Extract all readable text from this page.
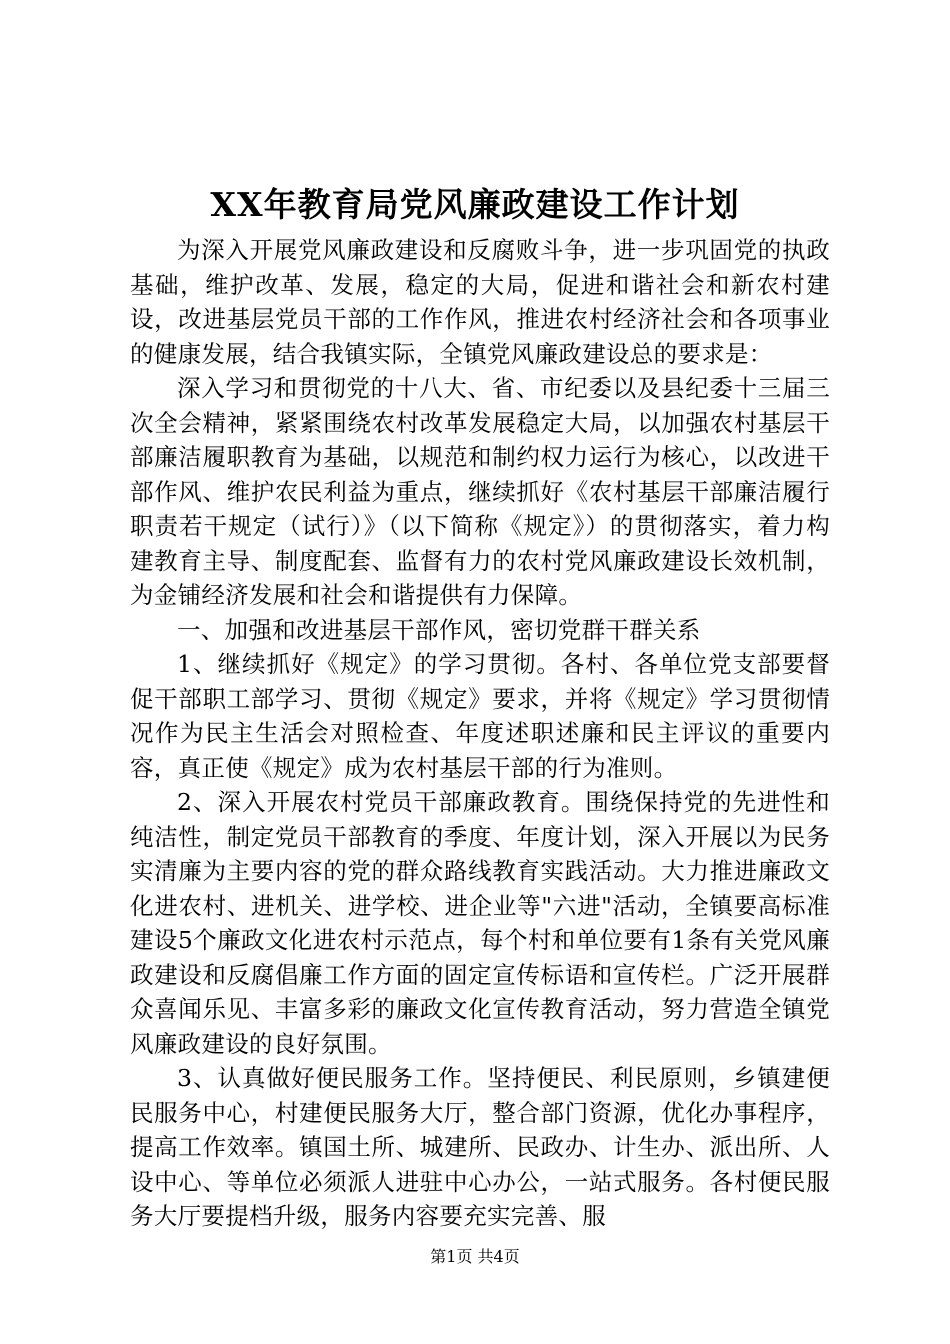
XX年教育局党风廉政建设工作计划

为深入开展党风廉政建设和反腐败斗争，进一步巩固党的执政基础，维护改革、发展，稳定的大局，促进和谐社会和新农村建设，改进基层党员干部的工作作风，推进农村经济社会和各项事业的健康发展，结合我镇实际，全镇党风廉政建设总的要求是：

深入学习和贯彻党的十八大、省、市纪委以及县纪委十三届三次全会精神，紧紧围绕农村改革发展稳定大局，以加强农村基层干部廉洁履职教育为基础，以规范和制约权力运行为核心，以改进干部作风、维护农民利益为重点，继续抓好《农村基层干部廉洁履行职责若干规定（试行）》（以下简称《规定》）的贯彻落实，着力构建教育主导、制度配套、监督有力的农村党风廉政建设长效机制，为金铺经济发展和社会和谐提供有力保障。

一、加强和改进基层干部作风，密切党群干群关系

1、继续抓好《规定》的学习贯彻。各村、各单位党支部要督促干部职工部学习、贯彻《规定》要求，并将《规定》学习贯彻情况作为民主生活会对照检查、年度述职述廉和民主评议的重要内容，真正使《规定》成为农村基层干部的行为准则。

2、深入开展农村党员干部廉政教育。围绕保持党的先进性和纯洁性，制定党员干部教育的季度、年度计划，深入开展以为民务实清廉为主要内容的党的群众路线教育实践活动。大力推进廉政文化进农村、进机关、进学校、进企业等"六进"活动，全镇要高标准建设5个廉政文化进农村示范点，每个村和单位要有1条有关党风廉政建设和反腐倡廉工作方面的固定宣传标语和宣传栏。广泛开展群众喜闻乐见、丰富多彩的廉政文化宣传教育活动，努力营造全镇党风廉政建设的良好氛围。

3、认真做好便民服务工作。坚持便民、利民原则，乡镇建便民服务中心，村建便民服务大厅，整合部门资源，优化办事程序，提高工作效率。镇国土所、城建所、民政办、计生办、派出所、人设中心、等单位必须派人进驻中心办公，一站式服务。各村便民服务大厅要提档升级，服务内容要充实完善、服

第1页 共4页
